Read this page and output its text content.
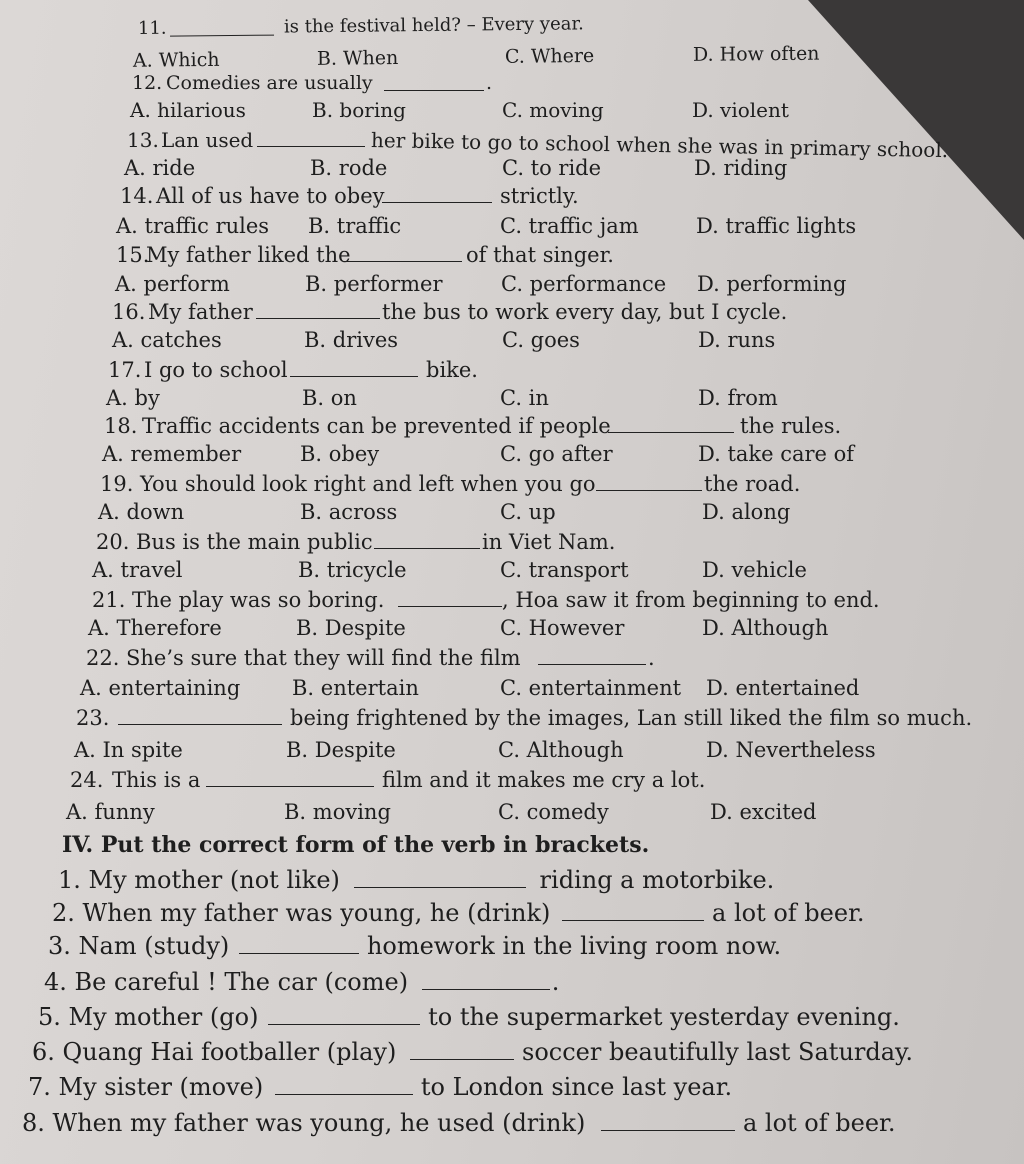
11.	is the festival held? – Every year.
A. Which	B. When	C. Where	D. How often
12. Comedies are usually	.
A. hilarious	B. boring	C. moving	D. violent
13. Lan used	her bike to go to school when she was in primary school.
A. ride	B. rode	C. to ride	D. riding
14. All of us have to obey	strictly.
A. traffic rules B. traffic	C. traffic jam	D. traffic lights
15.
My father liked the	of that singer.
A. perform	B. performer	C. performance D. performing
16. My father	the bus to work every day, but I cycle.
A. catches	B. drives	C. goes	D. runs
17. I go to school	bike.
A. by	B. on	C. in	D. from
18. Traffic accidents can be prevented if people	the rules.
A. remember	B. obey	C. go after	D. take care of
19. You should look right and left when you go	the road.
A. down	B. across	C. up	D. along
20. Bus is the main public	in Viet Nam.
A. travel	B. tricycle	C. transport	D. vehicle
21. The play was so boring.	, Hoa saw it from beginning to end.
A. Therefore	B. Despite	C. However	D. Although
22. She’s sure that they will find the film	.
A. entertaining B. entertain	C. entertainment D. entertained
23.	being frightened by the images, Lan still liked the film so much.
A. In spite	B. Despite	C. Although	D. Nevertheless
24. This is a	film and it makes me cry a lot.
A. funny	B. moving	C. comedy	D. excited
IV. Put the correct form of the verb in brackets.
1. My mother (not like)	riding a motorbike.
2. When my father was young, he (drink)	a lot of beer.
3. Nam (study)	homework in the living room now.
4. Be careful ! The car (come)	.
5. My mother (go)	to the supermarket yesterday evening.
6. Quang Hai footballer (play)	soccer beautifully last Saturday.
7. My sister (move)	to London since last year.
8. When my father was young, he used (drink)	a lot of beer.
